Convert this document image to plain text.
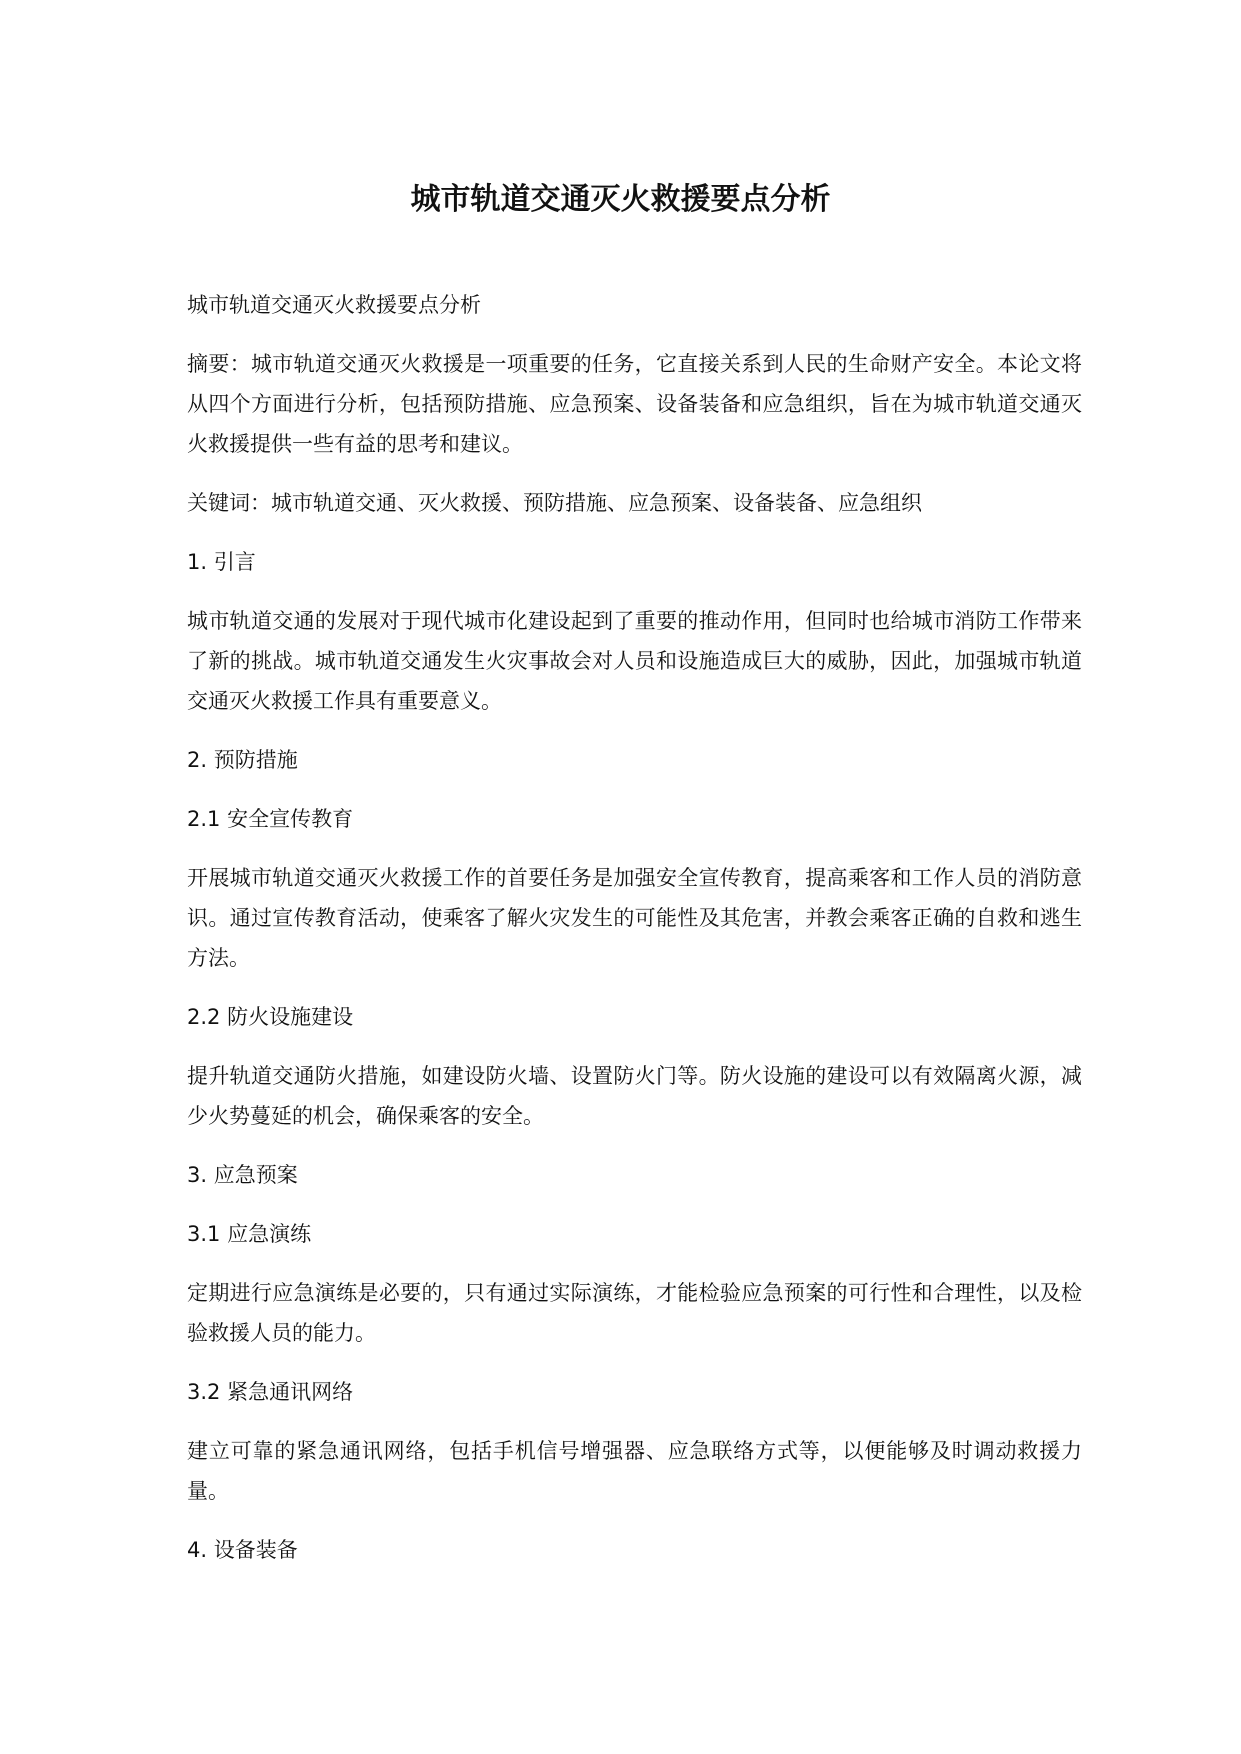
城市轨道交通灭火救援要点分析

城市轨道交通灭火救援要点分析

摘要：城市轨道交通灭火救援是一项重要的任务，它直接关系到人民的生命财产安全。本论文将从四个方面进行分析，包括预防措施、应急预案、设备装备和应急组织，旨在为城市轨道交通灭火救援提供一些有益的思考和建议。

关键词：城市轨道交通、灭火救援、预防措施、应急预案、设备装备、应急组织

1. 引言

城市轨道交通的发展对于现代城市化建设起到了重要的推动作用，但同时也给城市消防工作带来了新的挑战。城市轨道交通发生火灾事故会对人员和设施造成巨大的威胁，因此，加强城市轨道交通灭火救援工作具有重要意义。

2. 预防措施

2.1 安全宣传教育

开展城市轨道交通灭火救援工作的首要任务是加强安全宣传教育，提高乘客和工作人员的消防意识。通过宣传教育活动，使乘客了解火灾发生的可能性及其危害，并教会乘客正确的自救和逃生方法。

2.2 防火设施建设

提升轨道交通防火措施，如建设防火墙、设置防火门等。防火设施的建设可以有效隔离火源，减少火势蔓延的机会，确保乘客的安全。

3. 应急预案

3.1 应急演练

定期进行应急演练是必要的，只有通过实际演练，才能检验应急预案的可行性和合理性，以及检验救援人员的能力。

3.2 紧急通讯网络

建立可靠的紧急通讯网络，包括手机信号增强器、应急联络方式等，以便能够及时调动救援力量。

4. 设备装备
